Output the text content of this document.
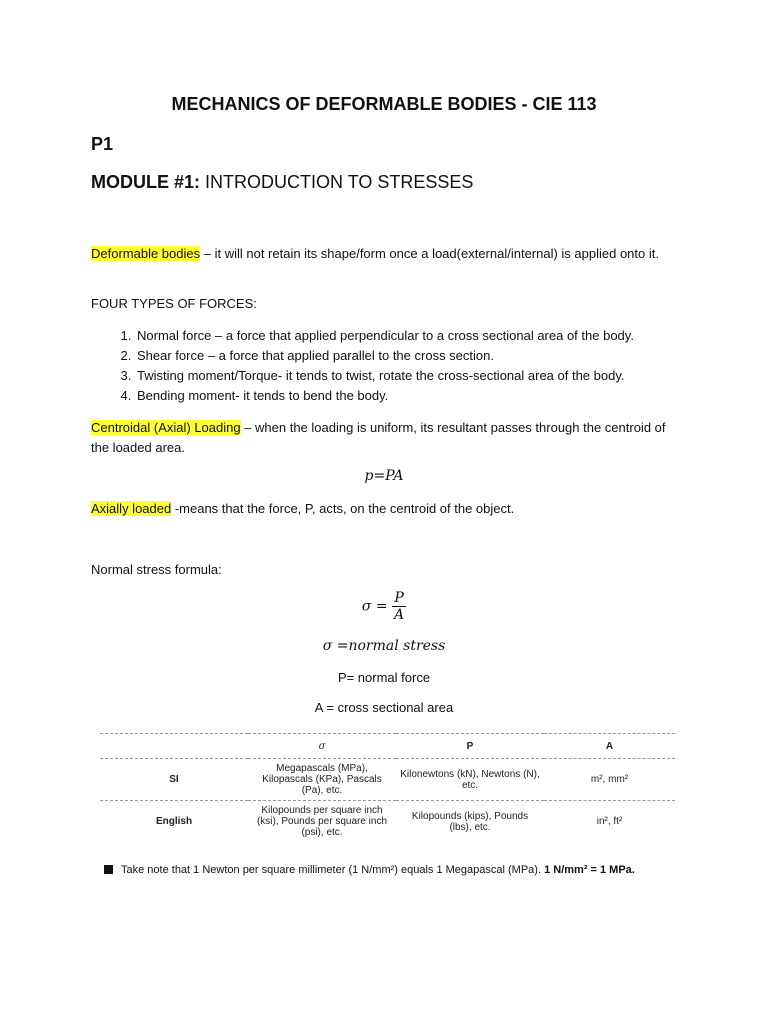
MECHANICS OF DEFORMABLE BODIES - CIE 113
P1
MODULE #1: INTRODUCTION TO STRESSES
Deformable bodies – it will not retain its shape/form once a load(external/internal) is applied onto it.
FOUR TYPES OF FORCES:
1. Normal force – a force that applied perpendicular to a cross sectional area of the body.
2. Shear force – a force that applied parallel to the cross section.
3. Twisting moment/Torque- it tends to twist, rotate the cross-sectional area of the body.
4. Bending moment- it tends to bend the body.
Centroidal (Axial) Loading – when the loading is uniform, its resultant passes through the centroid of the loaded area.
p=PA
Axially loaded -means that the force, P, acts, on the centroid of the object.
Normal stress formula:
$\sigma = \frac{P}{A}$
σ =normal stress
P= normal force
A = cross sectional area
	σ	P	A
SI	Megapascals (MPa), Kilopascals (KPa), Pascals (Pa), etc.	Kilonewtons (kN), Newtons (N), etc.	m², mm²
English	Kilopounds per square inch (ksi), Pounds per square inch (psi), etc.	Kilopounds (kips), Pounds (lbs), etc.	in², ft²
Take note that 1 Newton per square millimeter (1 N/mm²) equals 1 Megapascal (MPa). 1 N/mm² = 1 MPa.
